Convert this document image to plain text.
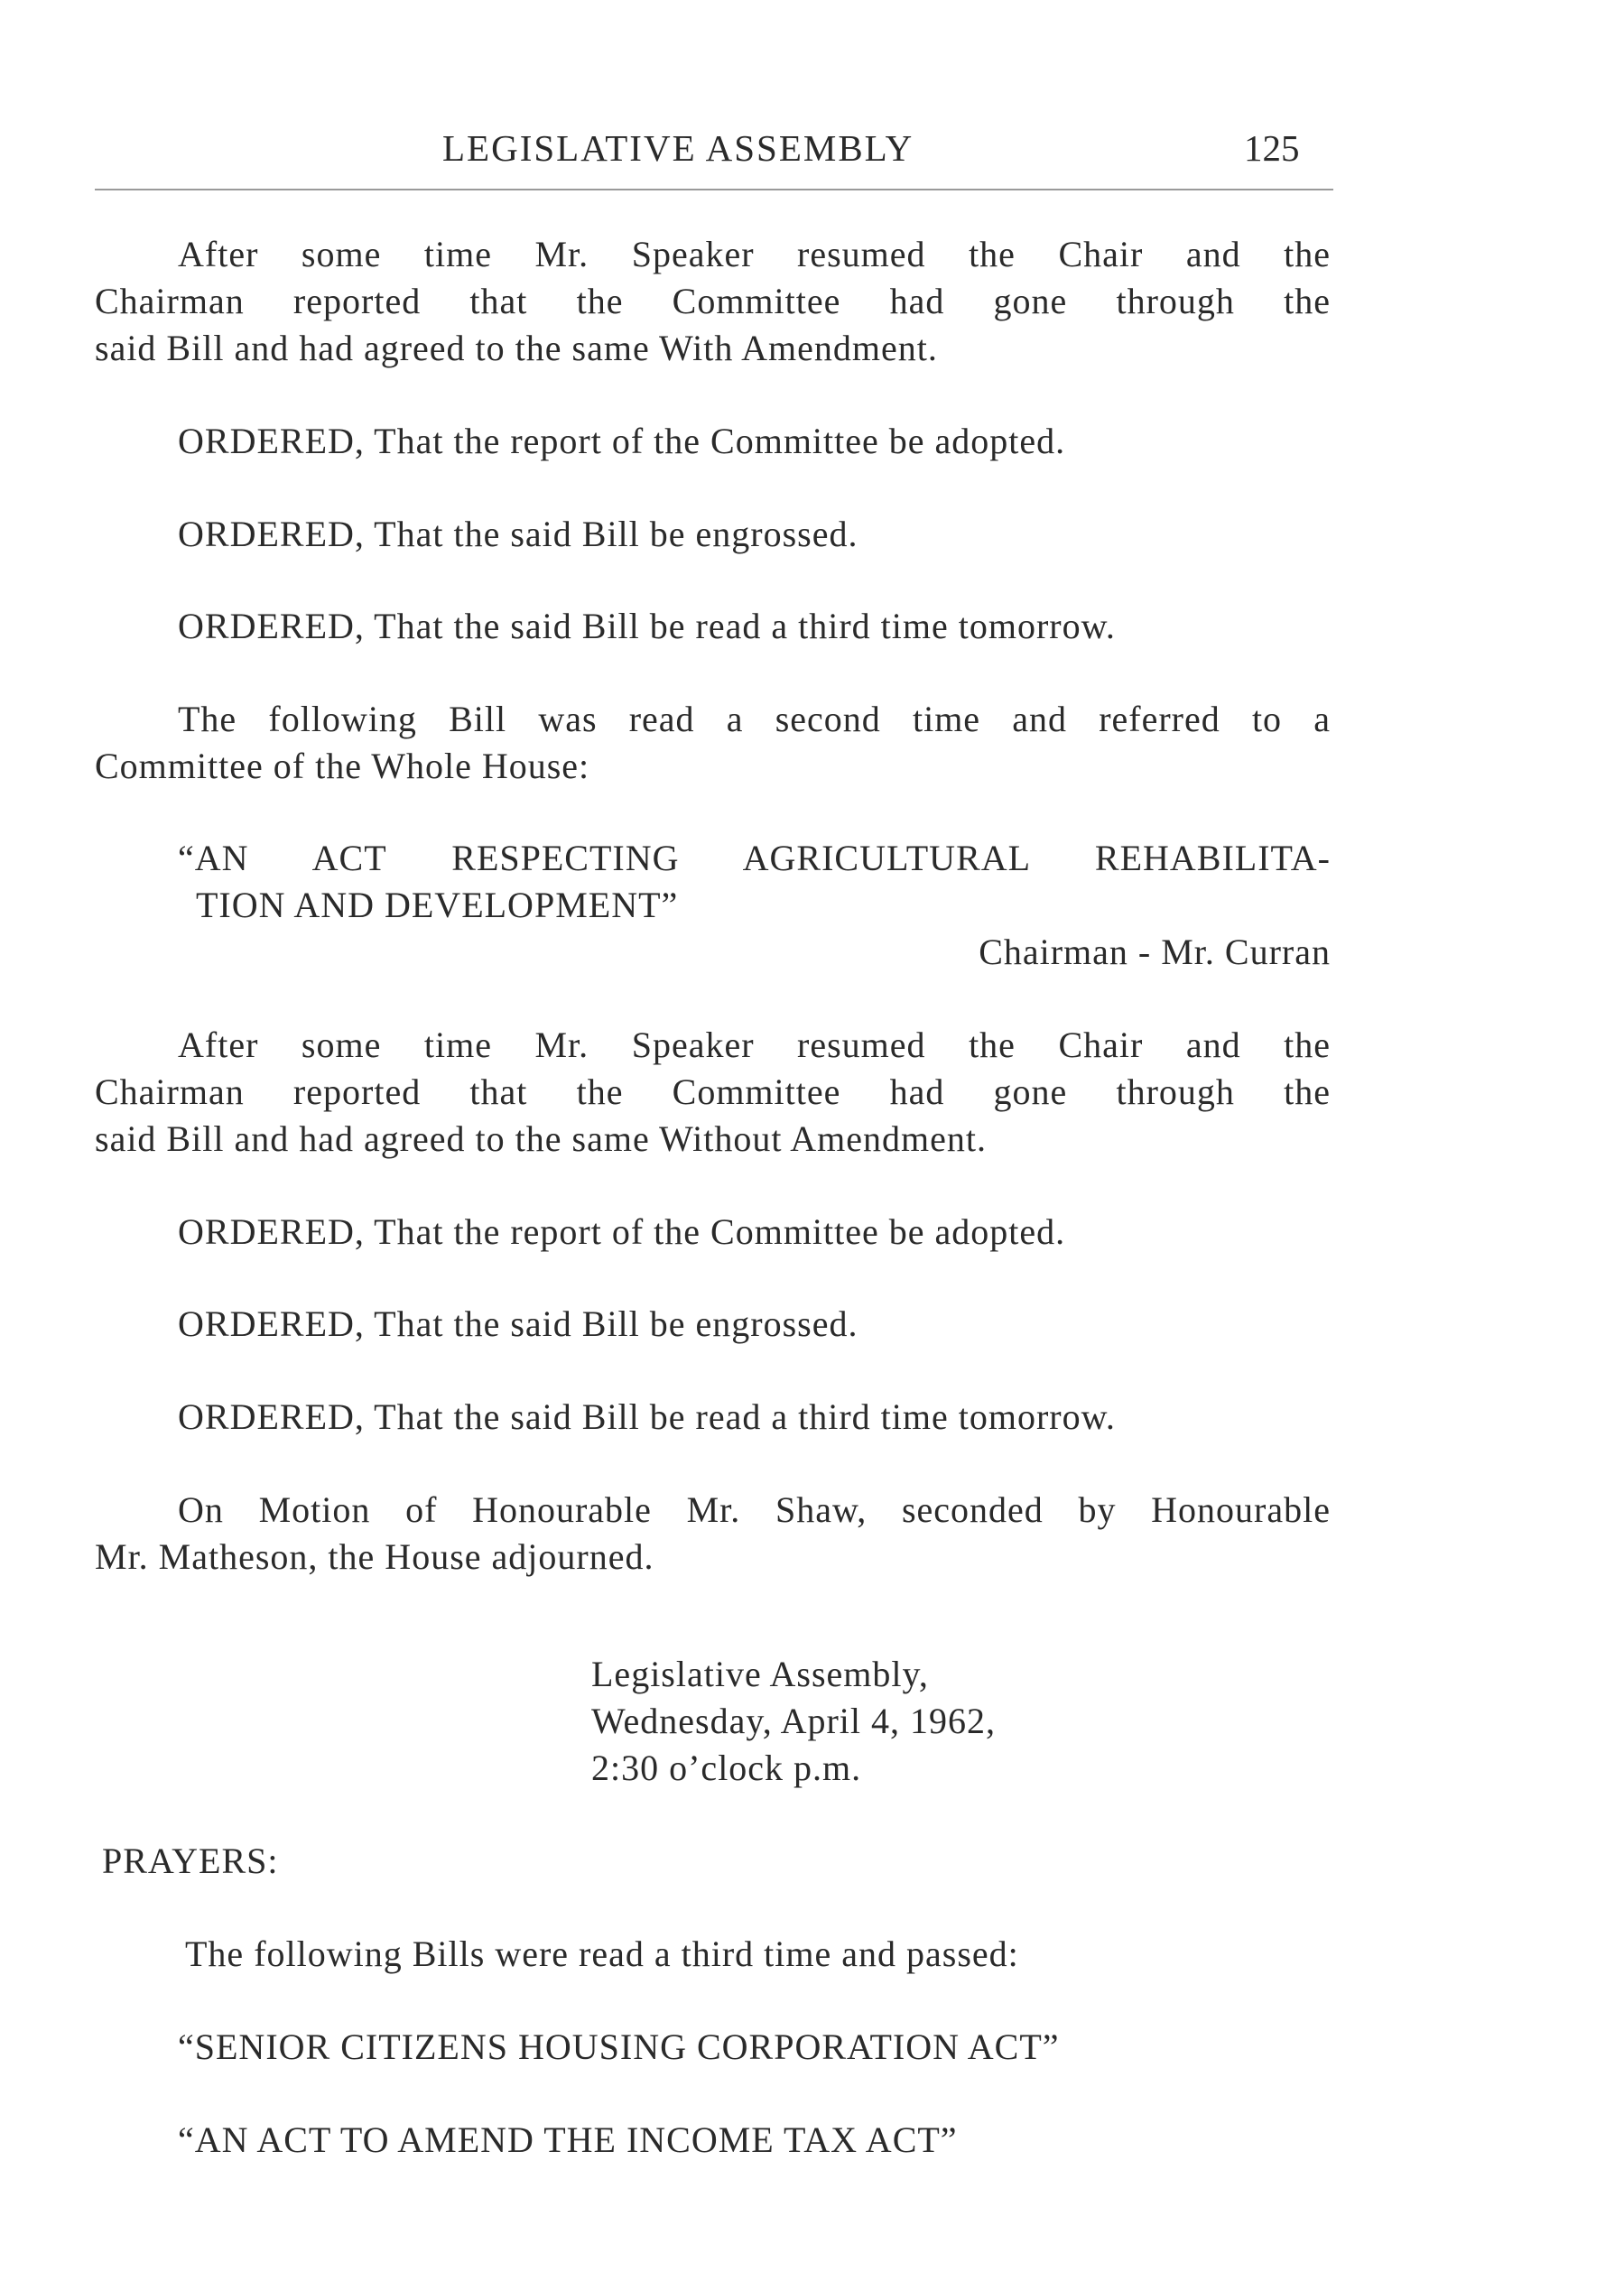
LEGISLATIVE ASSEMBLY	125

After some time Mr. Speaker resumed the Chair and the

Chairman reported that the Committee had gone through the

said Bill and had agreed to the same With Amendment.

ORDERED, That the report of the Committee be adopted.

ORDERED, That the said Bill be engrossed.

ORDERED, That the said Bill be read a third time tomorrow.

The following Bill was read a second time and referred to a

Committee of the Whole House:

“AN ACT RESPECTING AGRICULTURAL REHABILITA-

TION AND DEVELOPMENT”

Chairman - Mr. Curran

After some time Mr. Speaker resumed the Chair and the

Chairman reported that the Committee had gone through the

said Bill and had agreed to the same Without Amendment.

ORDERED, That the report of the Committee be adopted.

ORDERED, That the said Bill be engrossed.

ORDERED, That the said Bill be read a third time tomorrow.

On Motion of Honourable Mr. Shaw, seconded by Honourable

Mr. Matheson, the House adjourned.

Legislative Assembly,

Wednesday, April 4, 1962,

2:30 o’clock p.m.

PRAYERS:

The following Bills were read a third time and passed:

“SENIOR CITIZENS HOUSING CORPORATION ACT”

“AN ACT TO AMEND THE INCOME TAX ACT”
